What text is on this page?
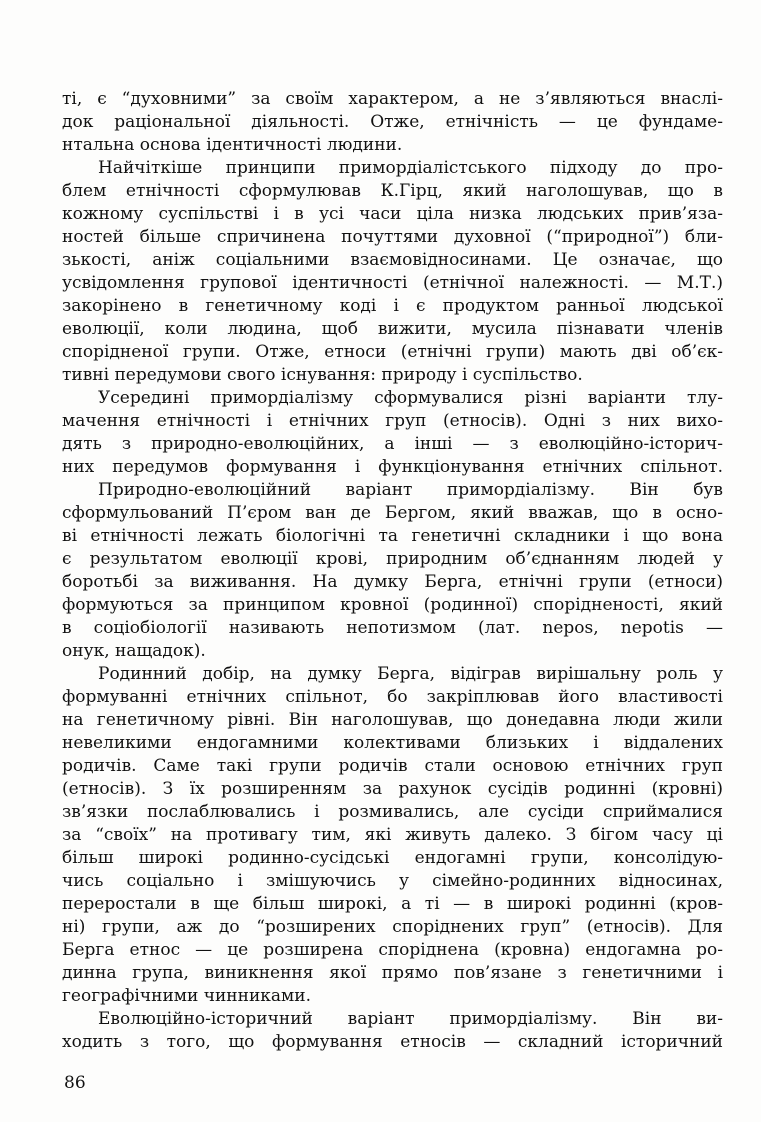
ті, є “духовними” за своїм характером, а не з’являються внаслі-
док раціональної діяльності. Отже, етнічність — це фундаме-
нтальна основа ідентичності людини.
Найчіткіше принципи примордіалістського підходу до про-
блем етнічності сформулював К.Гірц, який наголошував, що в
кожному суспільстві і в усі часи ціла низка людських прив’яза-
ностей більше спричинена почуттями духовної (“природної”) бли-
зькості, аніж соціальними взаємовідносинами. Це означає, що
усвідомлення групової ідентичності (етнічної належності. — М.Т.)
закорінено в генетичному коді і є продуктом ранньої людської
еволюції, коли людина, щоб вижити, мусила пізнавати членів
спорідненої групи. Отже, етноси (етнічні групи) мають дві об’єк-
тивні передумови свого існування: природу і суспільство.
Усередині примордіалізму сформувалися різні варіанти тлу-
мачення етнічності і етнічних груп (етносів). Одні з них вихо-
дять з природно-еволюційних, а інші — з еволюційно-історич-
них передумов формування і функціонування етнічних спільнот.
Природно-еволюційний варіант примордіалізму. Він був
сформульований П’єром ван де Бергом, який вважав, що в осно-
ві етнічності лежать біологічні та генетичні складники і що вона
є результатом еволюції крові, природним об’єднанням людей у
боротьбі за виживання. На думку Берга, етнічні групи (етноси)
формуються за принципом кровної (родинної) спорідненості, який
в соціобіології називають непотизмом (лат. nepos, nepotis —
онук, нащадок).
Родинний добір, на думку Берга, відіграв вирішальну роль у
формуванні етнічних спільнот, бо закріплював його властивості
на генетичному рівні. Він наголошував, що донедавна люди жили
невеликими ендогамними колективами близьких і віддалених
родичів. Саме такі групи родичів стали основою етнічних груп
(етносів). З їх розширенням за рахунок сусідів родинні (кровні)
зв’язки послаблювались і розмивались, але сусіди сприймалися
за “своїх” на противагу тим, які живуть далеко. З бігом часу ці
більш широкі родинно-сусідські ендогамні групи, консолідую-
чись соціально і змішуючись у сімейно-родинних відносинах,
переростали в ще більш широкі, а ті — в широкі родинні (кров-
ні) групи, аж до “розширених споріднених груп” (етносів). Для
Берга етнос — це розширена споріднена (кровна) ендогамна ро-
динна група, виникнення якої прямо пов’язане з генетичними і
географічними чинниками.
Еволюційно-історичний варіант примордіалізму. Він ви-
ходить з того, що формування етносів — складний історичний
86
